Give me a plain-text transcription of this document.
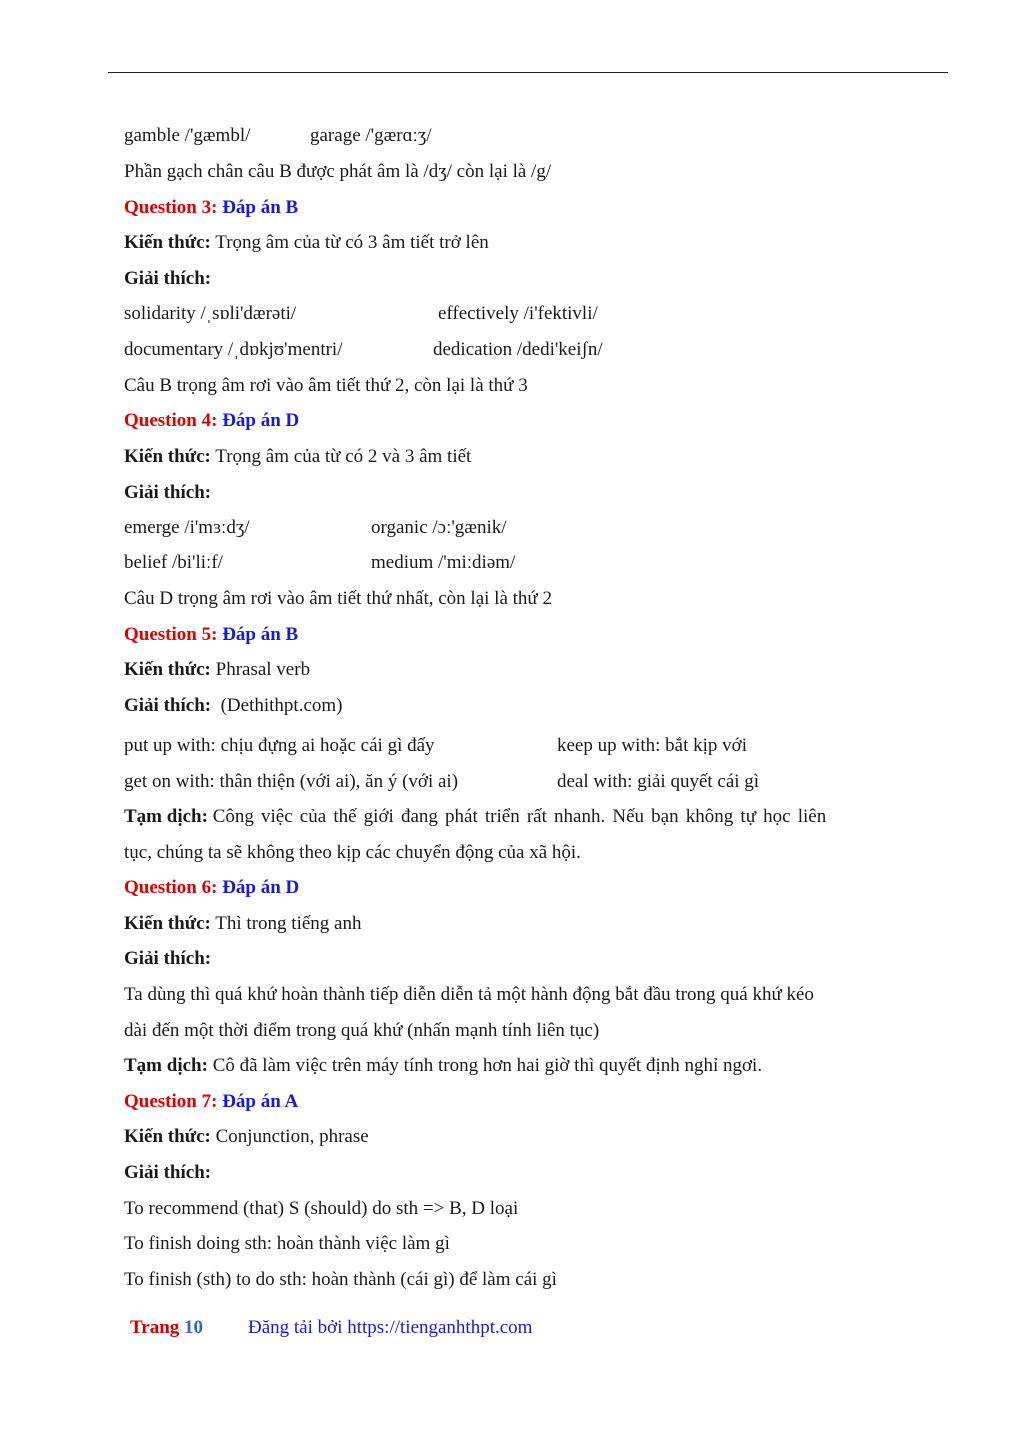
gamble /'gæmbl/	garage /'gærɑːʒ/
Phần gạch chân câu B được phát âm là /dʒ/ còn lại là /g/
Question 3: Đáp án B
Kiến thức: Trọng âm của từ có 3 âm tiết trở lên
Giải thích:
solidarity /ˌsɒli'dærəti/	effectively /i'fektivli/
documentary /ˌdɒkjʊ'mentri/	dedication /dedi'keiʃn/
Câu B trọng âm rơi vào âm tiết thứ 2, còn lại là thứ 3
Question 4: Đáp án D
Kiến thức: Trọng âm của từ có 2 và 3 âm tiết
Giải thích:
emerge /i'mɜːdʒ/	organic /ɔː'gænik/
belief /bi'liːf/	medium /'miːdiəm/
Câu D trọng âm rơi vào âm tiết thứ nhất, còn lại là thứ 2
Question 5: Đáp án B
Kiến thức: Phrasal verb
Giải thích: (Dethithpt.com)
put up with: chịu đựng ai hoặc cái gì đấy	keep up with: bắt kịp với
get on with: thân thiện (với ai), ăn ý (với ai)	deal with: giải quyết cái gì
Tạm dịch: Công việc của thế giới đang phát triển rất nhanh. Nếu bạn không tự học liên
tục, chúng ta sẽ không theo kịp các chuyển động của xã hội.
Question 6: Đáp án D
Kiến thức: Thì trong tiếng anh
Giải thích:
Ta dùng thì quá khứ hoàn thành tiếp diễn diễn tả một hành động bắt đầu trong quá khứ kéo
dài đến một thời điểm trong quá khứ (nhấn mạnh tính liên tục)
Tạm dịch: Cô đã làm việc trên máy tính trong hơn hai giờ thì quyết định nghỉ ngơi.
Question 7: Đáp án A
Kiến thức: Conjunction, phrase
Giải thích:
To recommend (that) S (should) do sth => B, D loại
To finish doing sth: hoàn thành việc làm gì
To finish (sth) to do sth: hoàn thành (cái gì) để làm cái gì
Trang 10 Đăng tải bởi https://tienganhthpt.com
